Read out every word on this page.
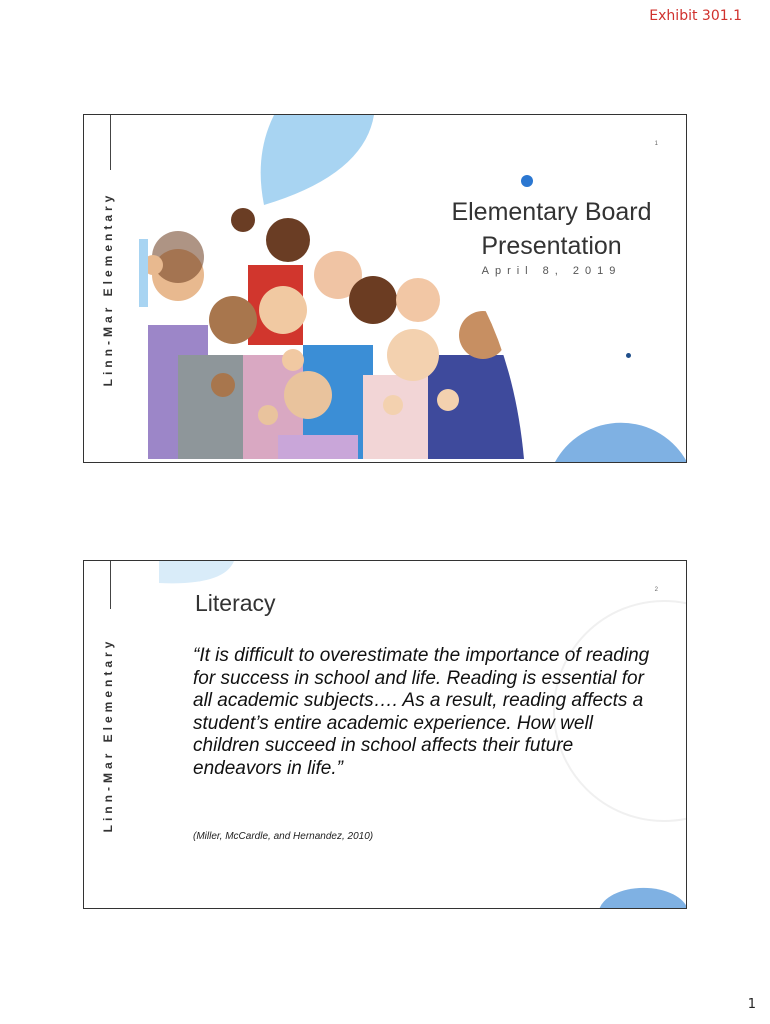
Exhibit 301.1
Linn-Mar Elementary
1
Elementary Board Presentation
April 8, 2019
Linn-Mar Elementary
2
Literacy
“It is difficult to overestimate the importance of reading for success in school and life. Reading is essential for all academic subjects…. As a result, reading affects a student’s entire academic experience. How well children succeed in school affects their future endeavors in life.”
(Miller, McCardle, and Hernandez, 2010)
1
